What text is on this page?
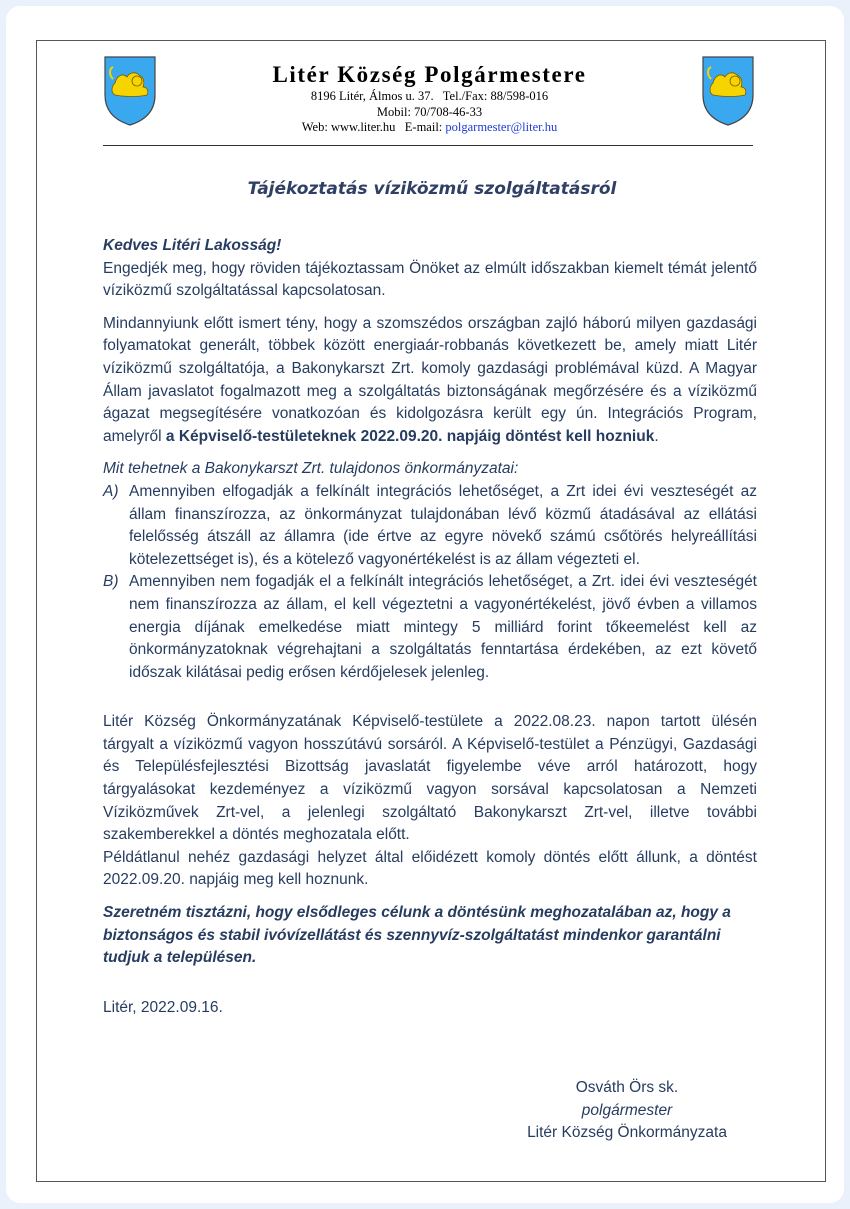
Litér Község Polgármestere
8196 Litér, Álmos u. 37.   Tel./Fax: 88/598-016
Mobil: 70/708-46-33
Web: www.liter.hu   E-mail: polgarmester@liter.hu
Tájékoztatás víziközmű szolgáltatásról

Kedves Litéri Lakosság!

Engedjék meg, hogy röviden tájékoztassam Önöket az elmúlt időszakban kiemelt témát jelentő víziközmű szolgáltatással kapcsolatosan.

Mindannyiunk előtt ismert tény, hogy a szomszédos országban zajló háború milyen gazdasági folyamatokat generált, többek között energiaár-robbanás következett be, amely miatt Litér víziközmű szolgáltatója, a Bakonykarszt Zrt. komoly gazdasági problémával küzd. A Magyar Állam javaslatot fogalmazott meg a szolgáltatás biztonságának megőrzésére és a víziközmű ágazat megsegítésére vonatkozóan és kidolgozásra került egy ún. Integrációs Program, amelyről a Képviselő-testületeknek 2022.09.20. napjáig döntést kell hozniuk.

Mit tehetnek a Bakonykarszt Zrt. tulajdonos önkormányzatai:

A) Amennyiben elfogadják a felkínált integrációs lehetőséget, a Zrt idei évi veszteségét az állam finanszírozza, az önkormányzat tulajdonában lévő közmű átadásával az ellátási felelősség átszáll az államra (ide értve az egyre növekő számú csőtörés helyreállítási kötelezettséget is), és a kötelező vagyonértékelést is az állam végezteti el.
B) Amennyiben nem fogadják el a felkínált integrációs lehetőséget, a Zrt. idei évi veszteségét nem finanszírozza az állam, el kell végeztetni a vagyonértékelést, jövő évben a villamos energia díjának emelkedése miatt mintegy 5 milliárd forint tőkeemelést kell az önkormányzatoknak végrehajtani a szolgáltatás fenntartása érdekében, az ezt követő időszak kilátásai pedig erősen kérdőjelesek jelenleg.

Litér Község Önkormányzatának Képviselő-testülete a 2022.08.23. napon tartott ülésén tárgyalt a víziközmű vagyon hosszútávú sorsáról. A Képviselő-testület a Pénzügyi, Gazdasági és Településfejlesztési Bizottság javaslatát figyelembe véve arról határozott, hogy tárgyalásokat kezdeményez a víziközmű vagyon sorsával kapcsolatosan a Nemzeti Víziközművek Zrt-vel, a jelenlegi szolgáltató Bakonykarszt Zrt-vel, illetve további szakemberekkel a döntés meghozatala előtt.

Példátlanul nehéz gazdasági helyzet által előidézett komoly döntés előtt állunk, a döntést 2022.09.20. napjáig meg kell hoznunk.

Szeretném tisztázni, hogy elsődleges célunk a döntésünk meghozatalában az, hogy a biztonságos és stabil ivóvízellátást és szennyvíz-szolgáltatást mindenkor garantálni tudjuk a településen.

Litér, 2022.09.16.

Osváth Örs sk.
polgármester
Litér Község Önkormányzata
